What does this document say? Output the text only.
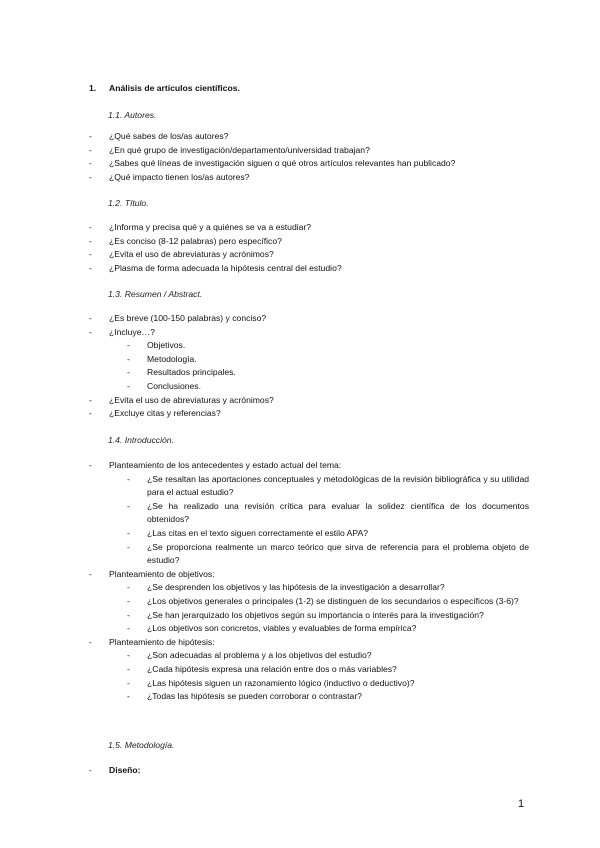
1. Análisis de artículos científicos.
1.1. Autores.
- ¿Qué sabes de los/as autores?
- ¿En qué grupo de investigación/departamento/universidad trabajan?
- ¿Sabes qué líneas de investigación siguen o qué otros artículos relevantes han publicado?
- ¿Qué impacto tienen los/as autores?
1.2. Título.
- ¿Informa y precisa qué y a quiénes se va a estudiar?
- ¿Es conciso (8-12 palabras) pero específico?
- ¿Evita el uso de abreviaturas y acrónimos?
- ¿Plasma de forma adecuada la hipótesis central del estudio?
1.3. Resumen / Abstract.
- ¿Es breve (100-150 palabras) y conciso?
- ¿Incluye…?
- Objetivos.
- Metodología.
- Resultados principales.
- Conclusiones.
- ¿Evita el uso de abreviaturas y acrónimos?
- ¿Excluye citas y referencias?
1.4. Introducción.
- Planteamiento de los antecedentes y estado actual del tema:
- ¿Se resaltan las aportaciones conceptuales y metodológicas de la revisión bibliográfica y su utilidad para el actual estudio?
- ¿Se ha realizado una revisión crítica para evaluar la solidez científica de los documentos obtenidos?
- ¿Las citas en el texto siguen correctamente el estilo APA?
- ¿Se proporciona realmente un marco teórico que sirva de referencia para el problema objeto de estudio?
- Planteamiento de objetivos:
- ¿Se desprenden los objetivos y las hipótesis de la investigación a desarrollar?
- ¿Los objetivos generales o principales (1-2) se distinguen de los secundarios o específicos (3-6)?
- ¿Se han jerarquizado los objetivos según su importancia o interés para la investigación?
- ¿Los objetivos son concretos, viables y evaluables de forma empírica?
- Planteamiento de hipótesis:
- ¿Son adecuadas al problema y a los objetivos del estudio?
- ¿Cada hipótesis expresa una relación entre dos o más variables?
- ¿Las hipótesis siguen un razonamiento lógico (inductivo o deductivo)?
- ¿Todas las hipótesis se pueden corroborar o contrastar?
1.5. Metodología.
- Diseño:
1
